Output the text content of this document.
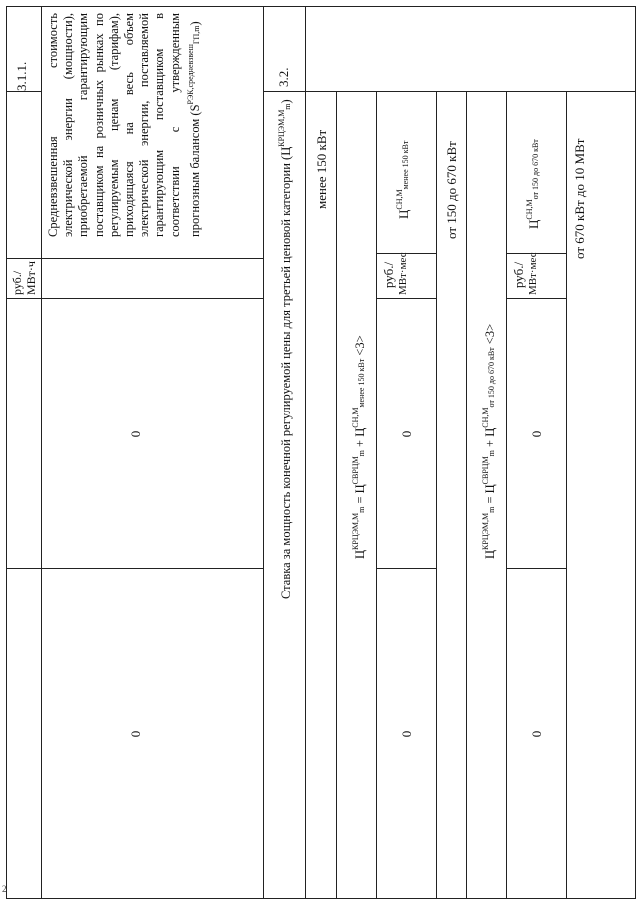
2
3.1.1. Средневзвешенная стоимость электрической энергии (мощности), приобретаемой гарантирующим поставщиком на розничных рынках по регулируемым ценам (тарифам), приходящаяся на весь объем электрической энергии, поставляемой гарантирующим поставщиком в соответствии с утвержденным прогнозным балансом $(S^{РЭК,средневзвеш}ГП,m)$
руб./МВт·ч
0
0
3.2.
Ставка за мощность конечной регулируемой цены для третьей ценовой категории $(Ц^{КРЦЭМ,М}m)$
менее 150 кВт
$Ц^{КРЦЭМ,М}m = Ц^{СВРЦМ}m$ + $Ц^{СН,М}менее$ 150 кВт <3>
$Ц^{СН,М}менее$ 150 кВт
руб./ МВт·мес
0
0
от 150 до 670 кВт
$Ц^{КРЦЭМ,М}m = Ц^{СВРЦМ}m + Ц^{СН,М}от$ 150 до 670 кВт <3>
$Ц^{СН,М}от$ 150 до 670 кВт
руб./ МВт·мес
0
0
от 670 кВт до 10 МВт
